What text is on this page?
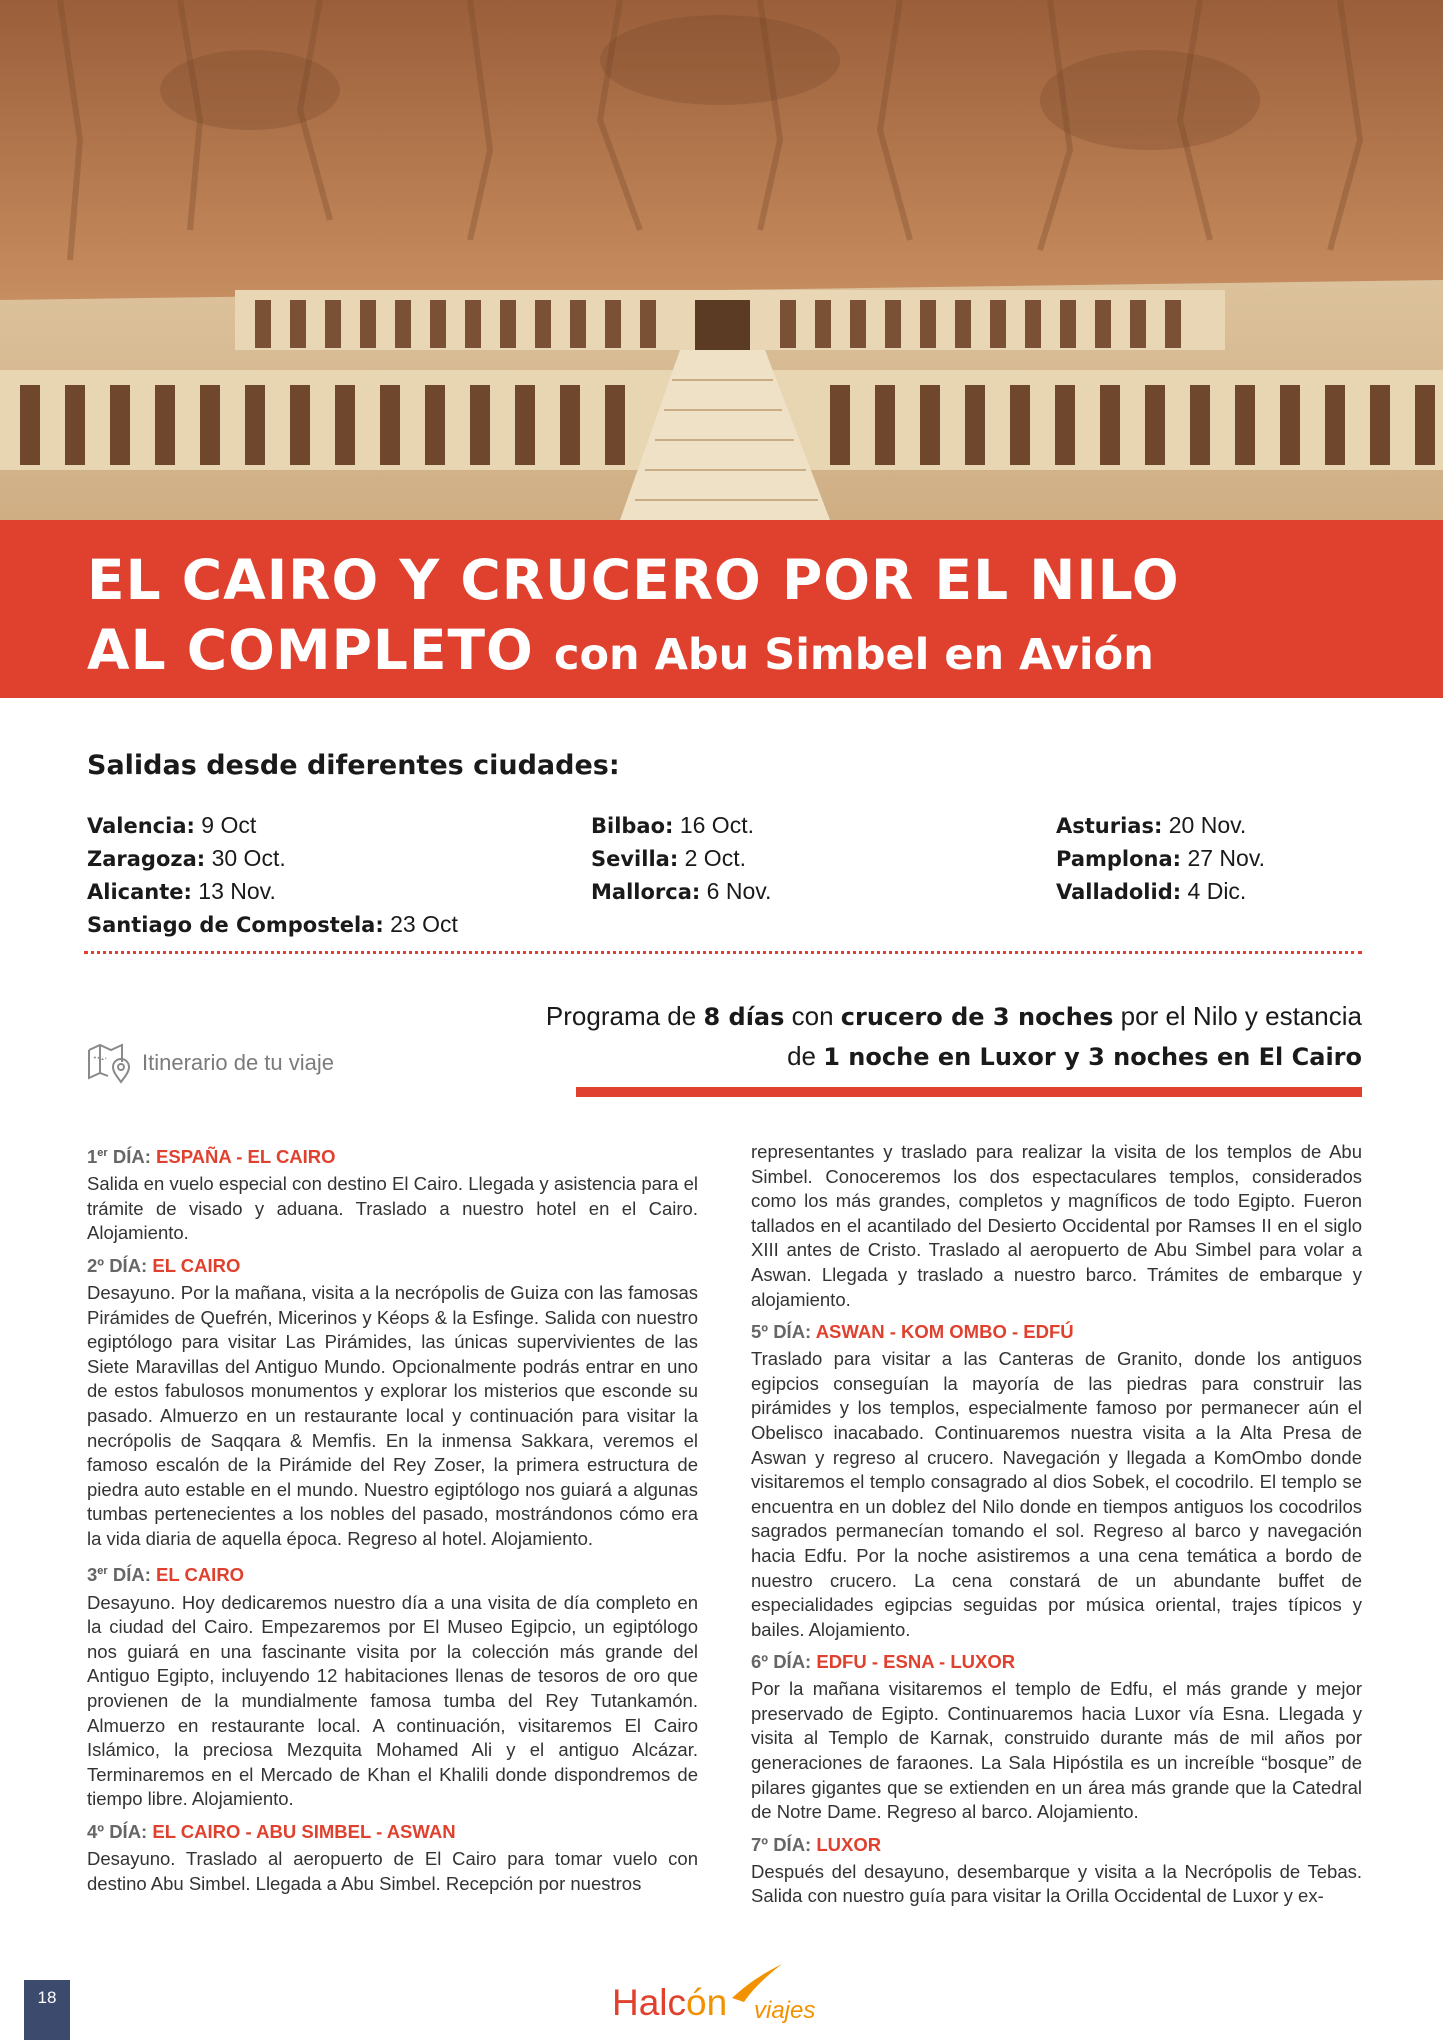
EL CAIRO Y CRUCERO POR EL NILO
AL COMPLETO con Abu Simbel en Avión
Salidas desde diferentes ciudades:
Valencia: 9 Oct
Zaragoza: 30 Oct.
Alicante: 13 Nov.
Santiago de Compostela: 23 Oct
Bilbao: 16 Oct.
Sevilla: 2 Oct.
Mallorca: 6 Nov.
Asturias: 20 Nov.
Pamplona: 27 Nov.
Valladolid: 4 Dic.
Programa de 8 días con crucero de 3 noches por el Nilo y estancia de 1 noche en Luxor y 3 noches en El Cairo
Itinerario de tu viaje
1er DÍA: ESPAÑA - EL CAIRO

Salida en vuelo especial con destino El Cairo. Llegada y asistencia para el trámite de visado y aduana. Traslado a nuestro hotel en el Cairo. Alojamiento.

2º DÍA: EL CAIRO

Desayuno. Por la mañana, visita a la necrópolis de Guiza con las famosas Pirámides de Quefrén, Micerinos y Kéops & la Esfinge. Salida con nuestro egiptólogo para visitar Las Pirámides, las únicas supervivientes de las Siete Maravillas del Antiguo Mundo. Opcionalmente podrás entrar en uno de estos fabulosos monumentos y explorar los misterios que esconde su pasado. Almuerzo en un restaurante local y continuación para visitar la necrópolis de Saqqara & Memfis. En la inmensa Sakkara, veremos el famoso escalón de la Pirámide del Rey Zoser, la primera estructura de piedra auto estable en el mundo. Nuestro egiptólogo nos guiará a algunas tumbas pertenecientes a los nobles del pasado, mostrándonos cómo era la vida diaria de aquella época. Regreso al hotel. Alojamiento.

3er DÍA: EL CAIRO

Desayuno. Hoy dedicaremos nuestro día a una visita de día completo en la ciudad del Cairo. Empezaremos por El Museo Egipcio, un egiptólogo nos guiará en una fascinante visita por la colección más grande del Antiguo Egipto, incluyendo 12 habitaciones llenas de tesoros de oro que provienen de la mundialmente famosa tumba del Rey Tutankamón. Almuerzo en restaurante local. A continuación, visitaremos El Cairo Islámico, la preciosa Mezquita Mohamed Ali y el antiguo Alcázar. Terminaremos en el Mercado de Khan el Khalili donde dispondremos de tiempo libre. Alojamiento.

4º DÍA: EL CAIRO - ABU SIMBEL - ASWAN

Desayuno. Traslado al aeropuerto de El Cairo para tomar vuelo con destino Abu Simbel. Llegada a Abu Simbel. Recepción por nuestros

representantes y traslado para realizar la visita de los templos de Abu Simbel. Conoceremos los dos espectaculares templos, considerados como los más grandes, completos y magníficos de todo Egipto. Fueron tallados en el acantilado del Desierto Occidental por Ramses II en el siglo XIII antes de Cristo. Traslado al aeropuerto de Abu Simbel para volar a Aswan. Llegada y traslado a nuestro barco. Trámites de embarque y alojamiento.

5º DÍA: ASWAN - KOM OMBO - EDFÚ

Traslado para visitar a las Canteras de Granito, donde los antiguos egipcios conseguían la mayoría de las piedras para construir las pirámides y los templos, especialmente famoso por permanecer aún el Obelisco inacabado. Continuaremos nuestra visita a la Alta Presa de Aswan y regreso al crucero. Navegación y llegada a KomOmbo donde visitaremos el templo consagrado al dios Sobek, el cocodrilo. El templo se encuentra en un doblez del Nilo donde en tiempos antiguos los cocodrilos sagrados permanecían tomando el sol. Regreso al barco y navegación hacia Edfu. Por la noche asistiremos a una cena temática a bordo de nuestro crucero. La cena constará de un abundante buffet de especialidades egipcias seguidas por música oriental, trajes típicos y bailes. Alojamiento.

6º DÍA: EDFU - ESNA - LUXOR

Por la mañana visitaremos el templo de Edfu, el más grande y mejor preservado de Egipto. Continuaremos hacia Luxor vía Esna. Llegada y visita al Templo de Karnak, construido durante más de mil años por generaciones de faraones. La Sala Hipóstila es un increíble “bosque” de pilares gigantes que se extienden en un área más grande que la Catedral de Notre Dame. Regreso al barco. Alojamiento.

7º DÍA: LUXOR

Después del desayuno, desembarque y visita a la Necrópolis de Tebas. Salida con nuestro guía para visitar la Orilla Occidental de Luxor y ex-

18	Halcón viajes
